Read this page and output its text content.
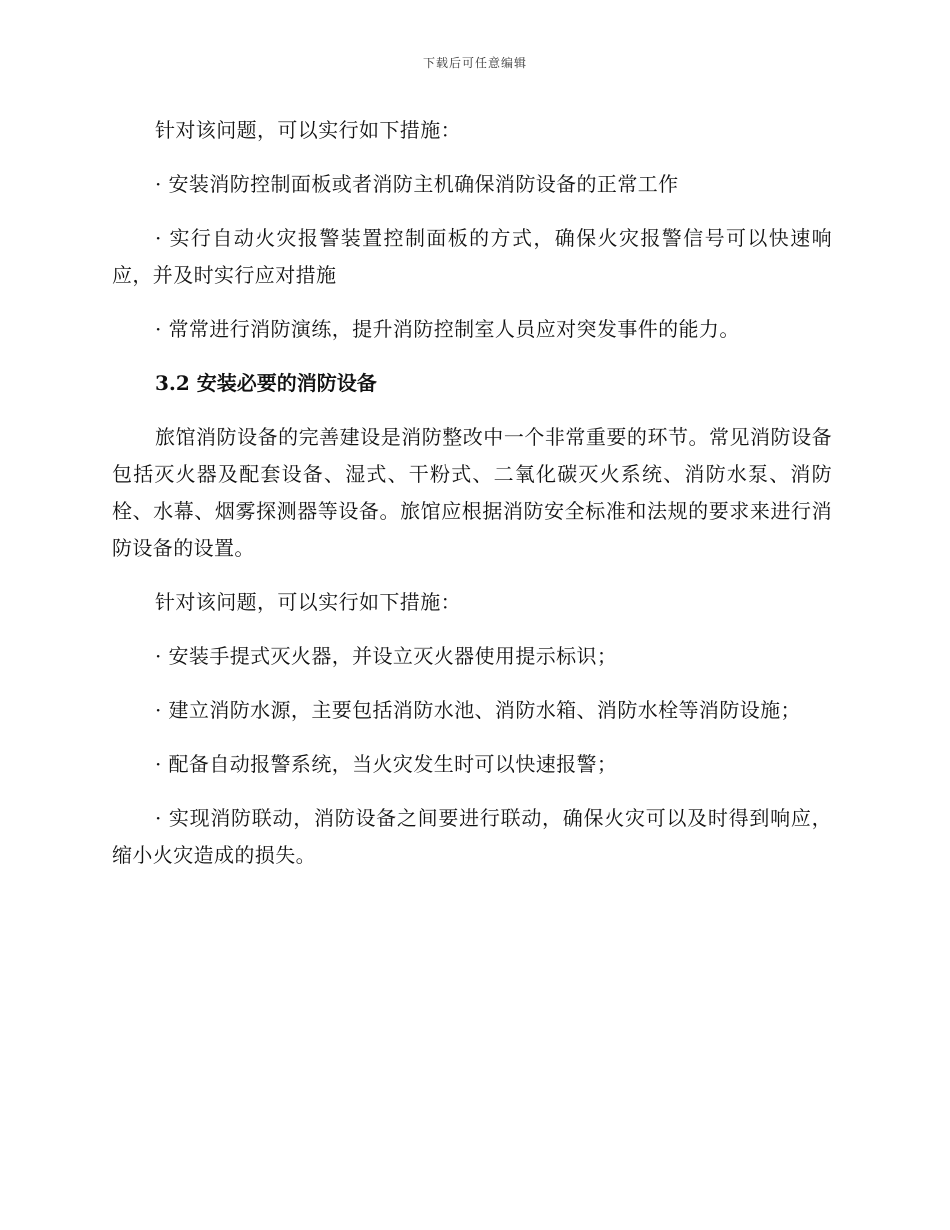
下载后可任意编辑

针对该问题，可以实行如下措施：

· 安装消防控制面板或者消防主机确保消防设备的正常工作

· 实行自动火灾报警装置控制面板的方式，确保火灾报警信号可以快速响应，并及时实行应对措施

· 常常进行消防演练，提升消防控制室人员应对突发事件的能力。

3.2 安装必要的消防设备

旅馆消防设备的完善建设是消防整改中一个非常重要的环节。常见消防设备包括灭火器及配套设备、湿式、干粉式、二氧化碳灭火系统、消防水泵、消防栓、水幕、烟雾探测器等设备。旅馆应根据消防安全标准和法规的要求来进行消防设备的设置。

针对该问题，可以实行如下措施：

· 安装手提式灭火器，并设立灭火器使用提示标识；

· 建立消防水源，主要包括消防水池、消防水箱、消防水栓等消防设施；

· 配备自动报警系统，当火灾发生时可以快速报警；

· 实现消防联动，消防设备之间要进行联动，确保火灾可以及时得到响应，缩小火灾造成的损失。
